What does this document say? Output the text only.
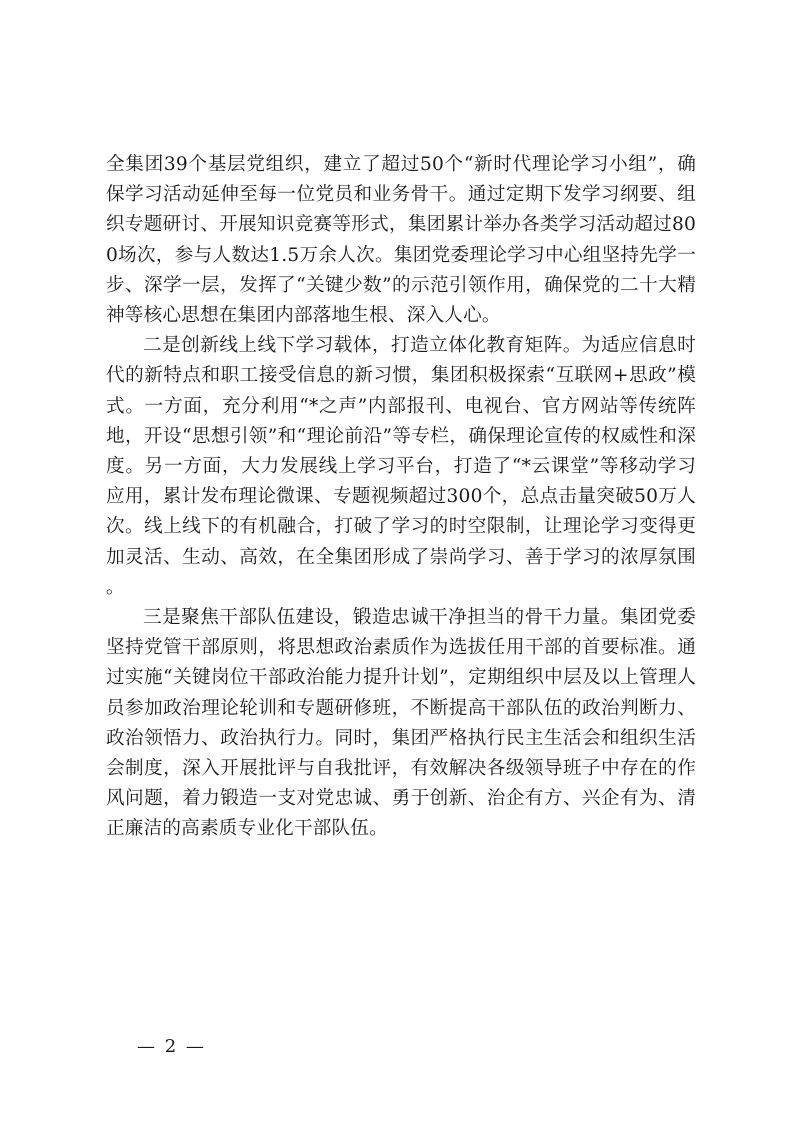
全集团39个基层党组织，建立了超过50个“新时代理论学习小组”，确保学习活动延伸至每一位党员和业务骨干。通过定期下发学习纲要、组织专题研讨、开展知识竞赛等形式，集团累计举办各类学习活动超过800场次，参与人数达1.5万余人次。集团党委理论学习中心组坚持先学一步、深学一层，发挥了“关键少数”的示范引领作用，确保党的二十大精神等核心思想在集团内部落地生根、深入人心。

二是创新线上线下学习载体，打造立体化教育矩阵。为适应信息时代的新特点和职工接受信息的新习惯，集团积极探索“互联网+思政”模式。一方面，充分利用“*之声”内部报刊、电视台、官方网站等传统阵地，开设“思想引领”和“理论前沿”等专栏，确保理论宣传的权威性和深度。另一方面，大力发展线上学习平台，打造了“*云课堂”等移动学习应用，累计发布理论微课、专题视频超过300个，总点击量突破50万人次。线上线下的有机融合，打破了学习的时空限制，让理论学习变得更加灵活、生动、高效，在全集团形成了崇尚学习、善于学习的浓厚氛围。

三是聚焦干部队伍建设，锻造忠诚干净担当的骨干力量。集团党委坚持党管干部原则，将思想政治素质作为选拔任用干部的首要标准。通过实施“关键岗位干部政治能力提升计划”，定期组织中层及以上管理人员参加政治理论轮训和专题研修班，不断提高干部队伍的政治判断力、政治领悟力、政治执行力。同时，集团严格执行民主生活会和组织生活会制度，深入开展批评与自我批评，有效解决各级领导班子中存在的作风问题，着力锻造一支对党忠诚、勇于创新、治企有方、兴企有为、清正廉洁的高素质专业化干部队伍。

— 2 —
